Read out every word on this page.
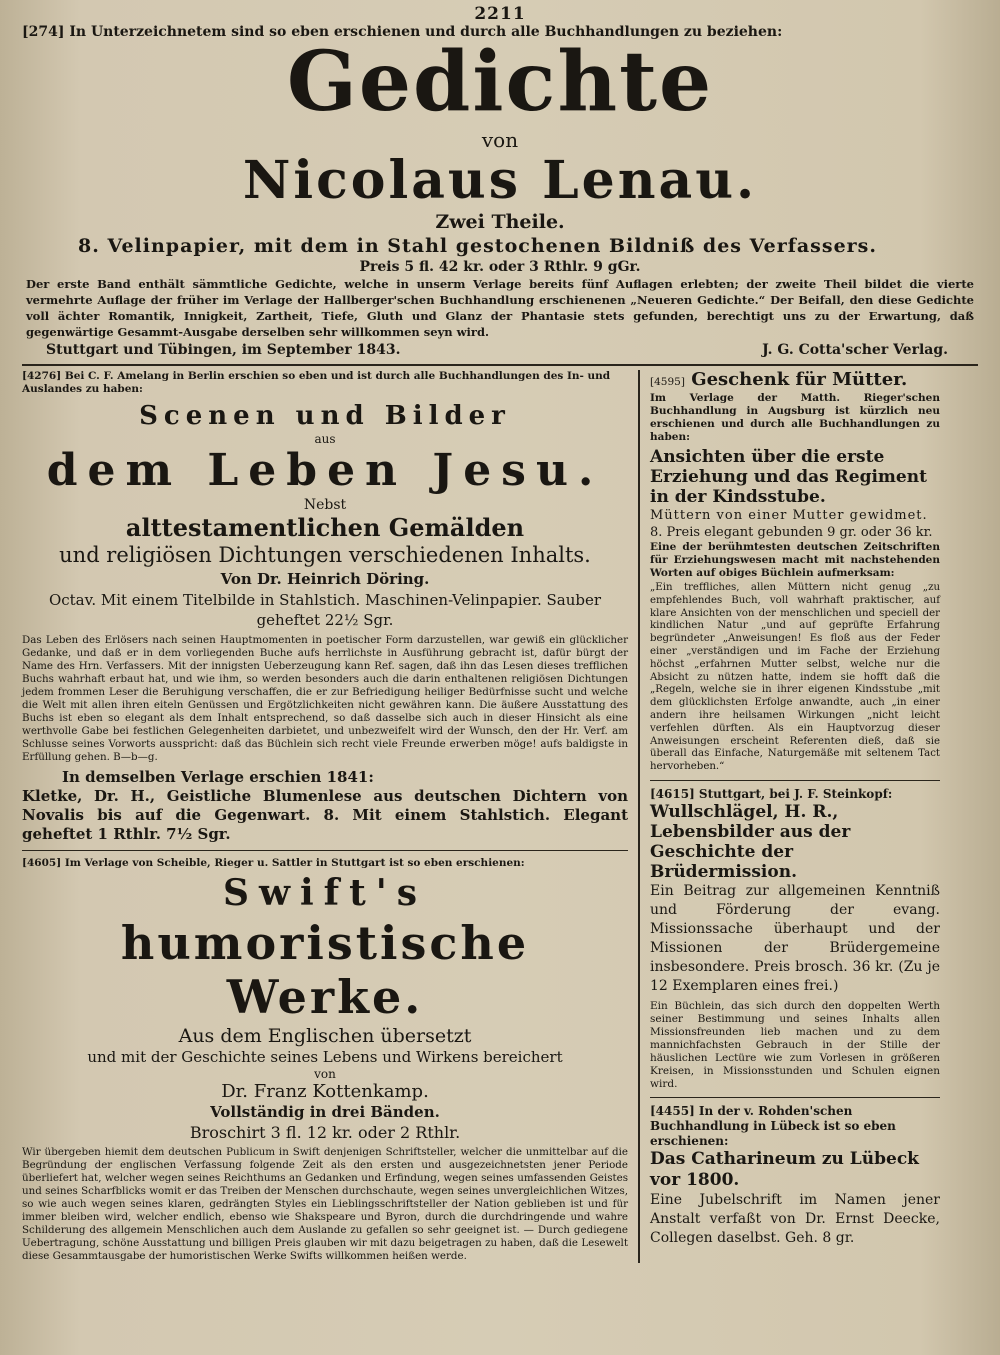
2211

[274] In Unterzeichnetem sind so eben erschienen und durch alle Buchhandlungen zu beziehen:

Gedichte
von
Nicolaus Lenau.
Zwei Theile.
8. Velinpapier, mit dem in Stahl gestochenen Bildniß des Verfassers.
Preis 5 fl. 42 kr. oder 3 Rthlr. 9 gGr.

Der erste Band enthält sämmtliche Gedichte, welche in unserm Verlage bereits fünf Auflagen erlebten; der zweite Theil bildet die vierte vermehrte Auflage der früher im Verlage der Hallberger'schen Buchhandlung erschienenen „Neueren Gedichte.“ Der Beifall, den diese Gedichte voll ächter Romantik, Innigkeit, Zartheit, Tiefe, Gluth und Glanz der Phantasie stets gefunden, berechtigt uns zu der Erwartung, daß gegenwärtige Gesammt-Ausgabe derselben sehr willkommen seyn wird.

Stuttgart und Tübingen, im September 1843.	J. G. Cotta'scher Verlag.

[4276] Bei C. F. Amelang in Berlin erschien so eben und ist durch alle Buchhandlungen des In- und Auslandes zu haben:

Scenen und Bilder
aus
dem Leben Jesu.
Nebst
alttestamentlichen Gemälden
und religiösen Dichtungen verschiedenen Inhalts.
Von Dr. Heinrich Döring.
Octav. Mit einem Titelbilde in Stahlstich. Maschinen-Velinpapier. Sauber geheftet 22½ Sgr.

Das Leben des Erlösers nach seinen Hauptmomenten in poetischer Form darzustellen, war gewiß ein glücklicher Gedanke, und daß er in dem vorliegenden Buche aufs herrlichste in Ausführung gebracht ist, dafür bürgt der Name des Hrn. Verfassers. Mit der innigsten Ueberzeugung kann Ref. sagen, daß ihn das Lesen dieses trefflichen Buchs wahrhaft erbaut hat, und wie ihm, so werden besonders auch die darin enthaltenen religiösen Dichtungen jedem frommen Leser die Beruhigung verschaffen, die er zur Befriedigung heiliger Bedürfnisse sucht und welche die Welt mit allen ihren eiteln Genüssen und Ergötzlichkeiten nicht gewähren kann. Die äußere Ausstattung des Buchs ist eben so elegant als dem Inhalt entsprechend, so daß dasselbe sich auch in dieser Hinsicht als eine werthvolle Gabe bei festlichen Gelegenheiten darbietet, und unbezweifelt wird der Wunsch, den der Hr. Verf. am Schlusse seines Vorworts ausspricht: daß das Büchlein sich recht viele Freunde erwerben möge! aufs baldigste in Erfüllung gehen. B—b—g.

In demselben Verlage erschien 1841:

Kletke, Dr. H., Geistliche Blumenlese aus deutschen Dichtern von Novalis bis auf die Gegenwart. 8. Mit einem Stahlstich. Elegant geheftet 1 Rthlr. 7½ Sgr.

[4605] Im Verlage von Scheible, Rieger u. Sattler in Stuttgart ist so eben erschienen:

Swift's
humoristische Werke.
Aus dem Englischen übersetzt
und mit der Geschichte seines Lebens und Wirkens bereichert
von
Dr. Franz Kottenkamp.
Vollständig in drei Bänden.
Broschirt 3 fl. 12 kr. oder 2 Rthlr.

Wir übergeben hiemit dem deutschen Publicum in Swift denjenigen Schriftsteller, welcher die unmittelbar auf die Begründung der englischen Verfassung folgende Zeit als den ersten und ausgezeichnetsten jener Periode überliefert hat, welcher wegen seines Reichthums an Gedanken und Erfindung, wegen seines umfassenden Geistes und seines Scharfblicks womit er das Treiben der Menschen durchschaute, wegen seines unvergleichlichen Witzes, so wie auch wegen seines klaren, gedrängten Styles ein Lieblingsschriftsteller der Nation geblieben ist und für immer bleiben wird, welcher endlich, ebenso wie Shakspeare und Byron, durch die durchdringende und wahre Schilderung des allgemein Menschlichen auch dem Auslande zu gefallen so sehr geeignet ist. — Durch gediegene Uebertragung, schöne Ausstattung und billigen Preis glauben wir mit dazu beigetragen zu haben, daß die Lesewelt diese Gesammtausgabe der humoristischen Werke Swifts willkommen heißen werde.

[4595] Geschenk für Mütter.

Im Verlage der Matth. Rieger'schen Buchhandlung in Augsburg ist kürzlich neu erschienen und durch alle Buchhandlungen zu haben:

Ansichten über die erste Erziehung und das Regiment in der Kindsstube.

Müttern von einer Mutter gewidmet.

8. Preis elegant gebunden 9 gr. oder 36 kr.

Eine der berühmtesten deutschen Zeitschriften für Erziehungswesen macht mit nachstehenden Worten auf obiges Büchlein aufmerksam:

„Ein treffliches, allen Müttern nicht genug „zu empfehlendes Buch, voll wahrhaft praktischer, auf klare Ansichten von der menschlichen und speciell der kindlichen Natur „und auf geprüfte Erfahrung begründeter „Anweisungen! Es floß aus der Feder einer „verständigen und im Fache der Erziehung höchst „erfahrnen Mutter selbst, welche nur die Absicht zu nützen hatte, indem sie hofft daß die „Regeln, welche sie in ihrer eigenen Kindsstube „mit dem glücklichsten Erfolge anwandte, auch „in einer andern ihre heilsamen Wirkungen „nicht leicht verfehlen dürften. Als ein Hauptvorzug dieser Anweisungen erscheint Referenten dieß, daß sie überall das Einfache, Naturgemäße mit seltenem Tact hervorheben.“

[4615] Stuttgart, bei J. F. Steinkopf:

Wullschlägel, H. R., Lebensbilder aus der Geschichte der Brüdermission.

Ein Beitrag zur allgemeinen Kenntniß und Förderung der evang. Missionssache überhaupt und der Missionen der Brüdergemeine insbesondere. Preis brosch. 36 kr. (Zu je 12 Exemplaren eines frei.)

Ein Büchlein, das sich durch den doppelten Werth seiner Bestimmung und seines Inhalts allen Missionsfreunden lieb machen und zu dem mannichfachsten Gebrauch in der Stille der häuslichen Lectüre wie zum Vorlesen in größeren Kreisen, in Missionsstunden und Schulen eignen wird.

[4455] In der v. Rohden'schen Buchhandlung in Lübeck ist so eben erschienen:

Das Catharineum zu Lübeck vor 1800.

Eine Jubelschrift im Namen jener Anstalt verfaßt von Dr. Ernst Deecke, Collegen daselbst. Geh. 8 gr.
